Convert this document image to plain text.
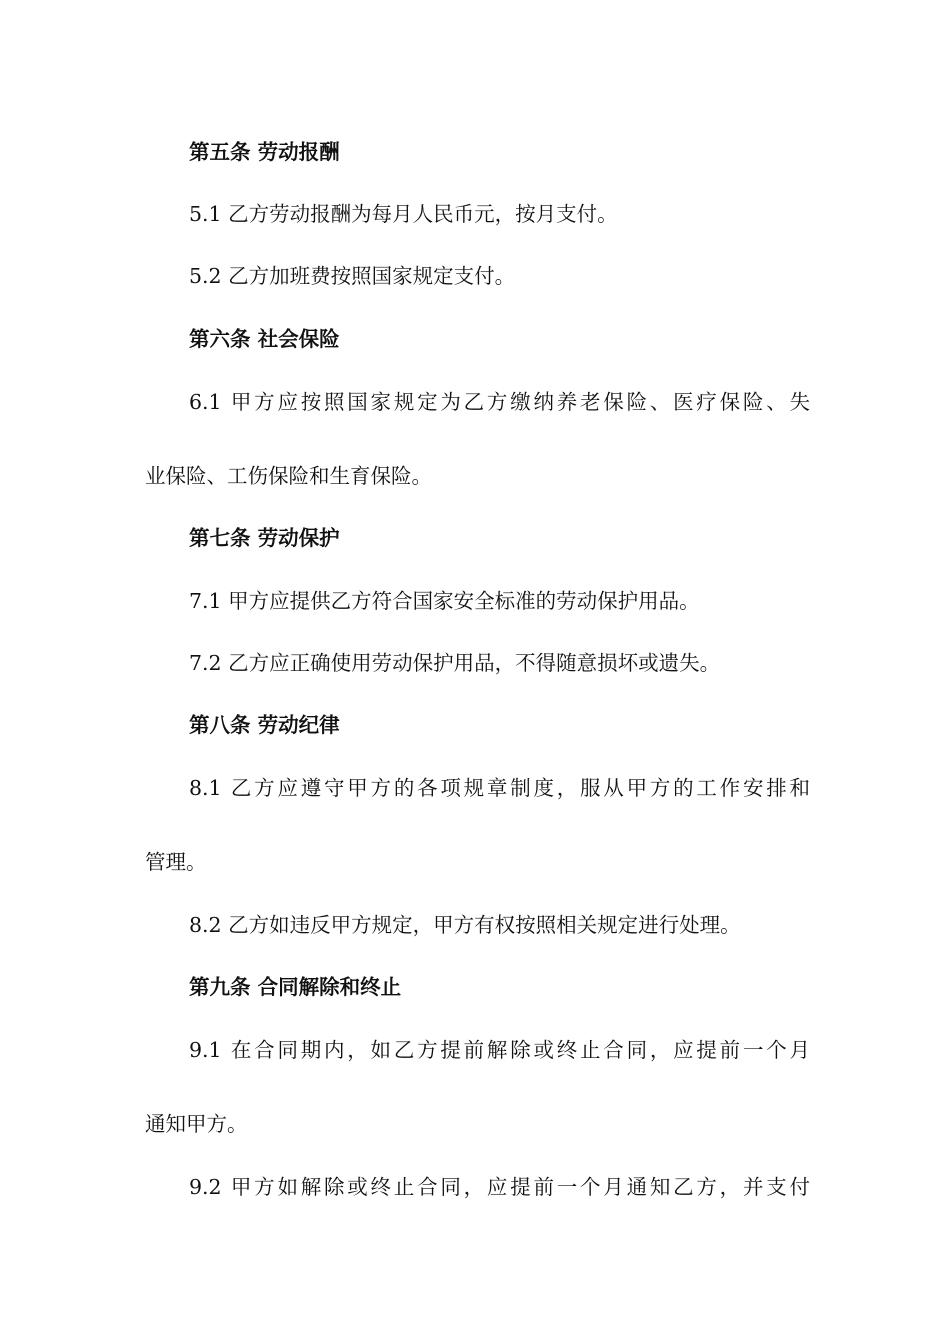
第五条 劳动报酬
5.1 乙方劳动报酬为每月人民币元，按月支付。
5.2 乙方加班费按照国家规定支付。
第六条 社会保险
6.1 甲方应按照国家规定为乙方缴纳养老保险、医疗保险、失
业保险、工伤保险和生育保险。
第七条 劳动保护
7.1 甲方应提供乙方符合国家安全标准的劳动保护用品。
7.2 乙方应正确使用劳动保护用品，不得随意损坏或遗失。
第八条 劳动纪律
8.1 乙方应遵守甲方的各项规章制度，服从甲方的工作安排和
管理。
8.2 乙方如违反甲方规定，甲方有权按照相关规定进行处理。
第九条 合同解除和终止
9.1 在合同期内，如乙方提前解除或终止合同，应提前一个月
通知甲方。
9.2 甲方如解除或终止合同，应提前一个月通知乙方，并支付
